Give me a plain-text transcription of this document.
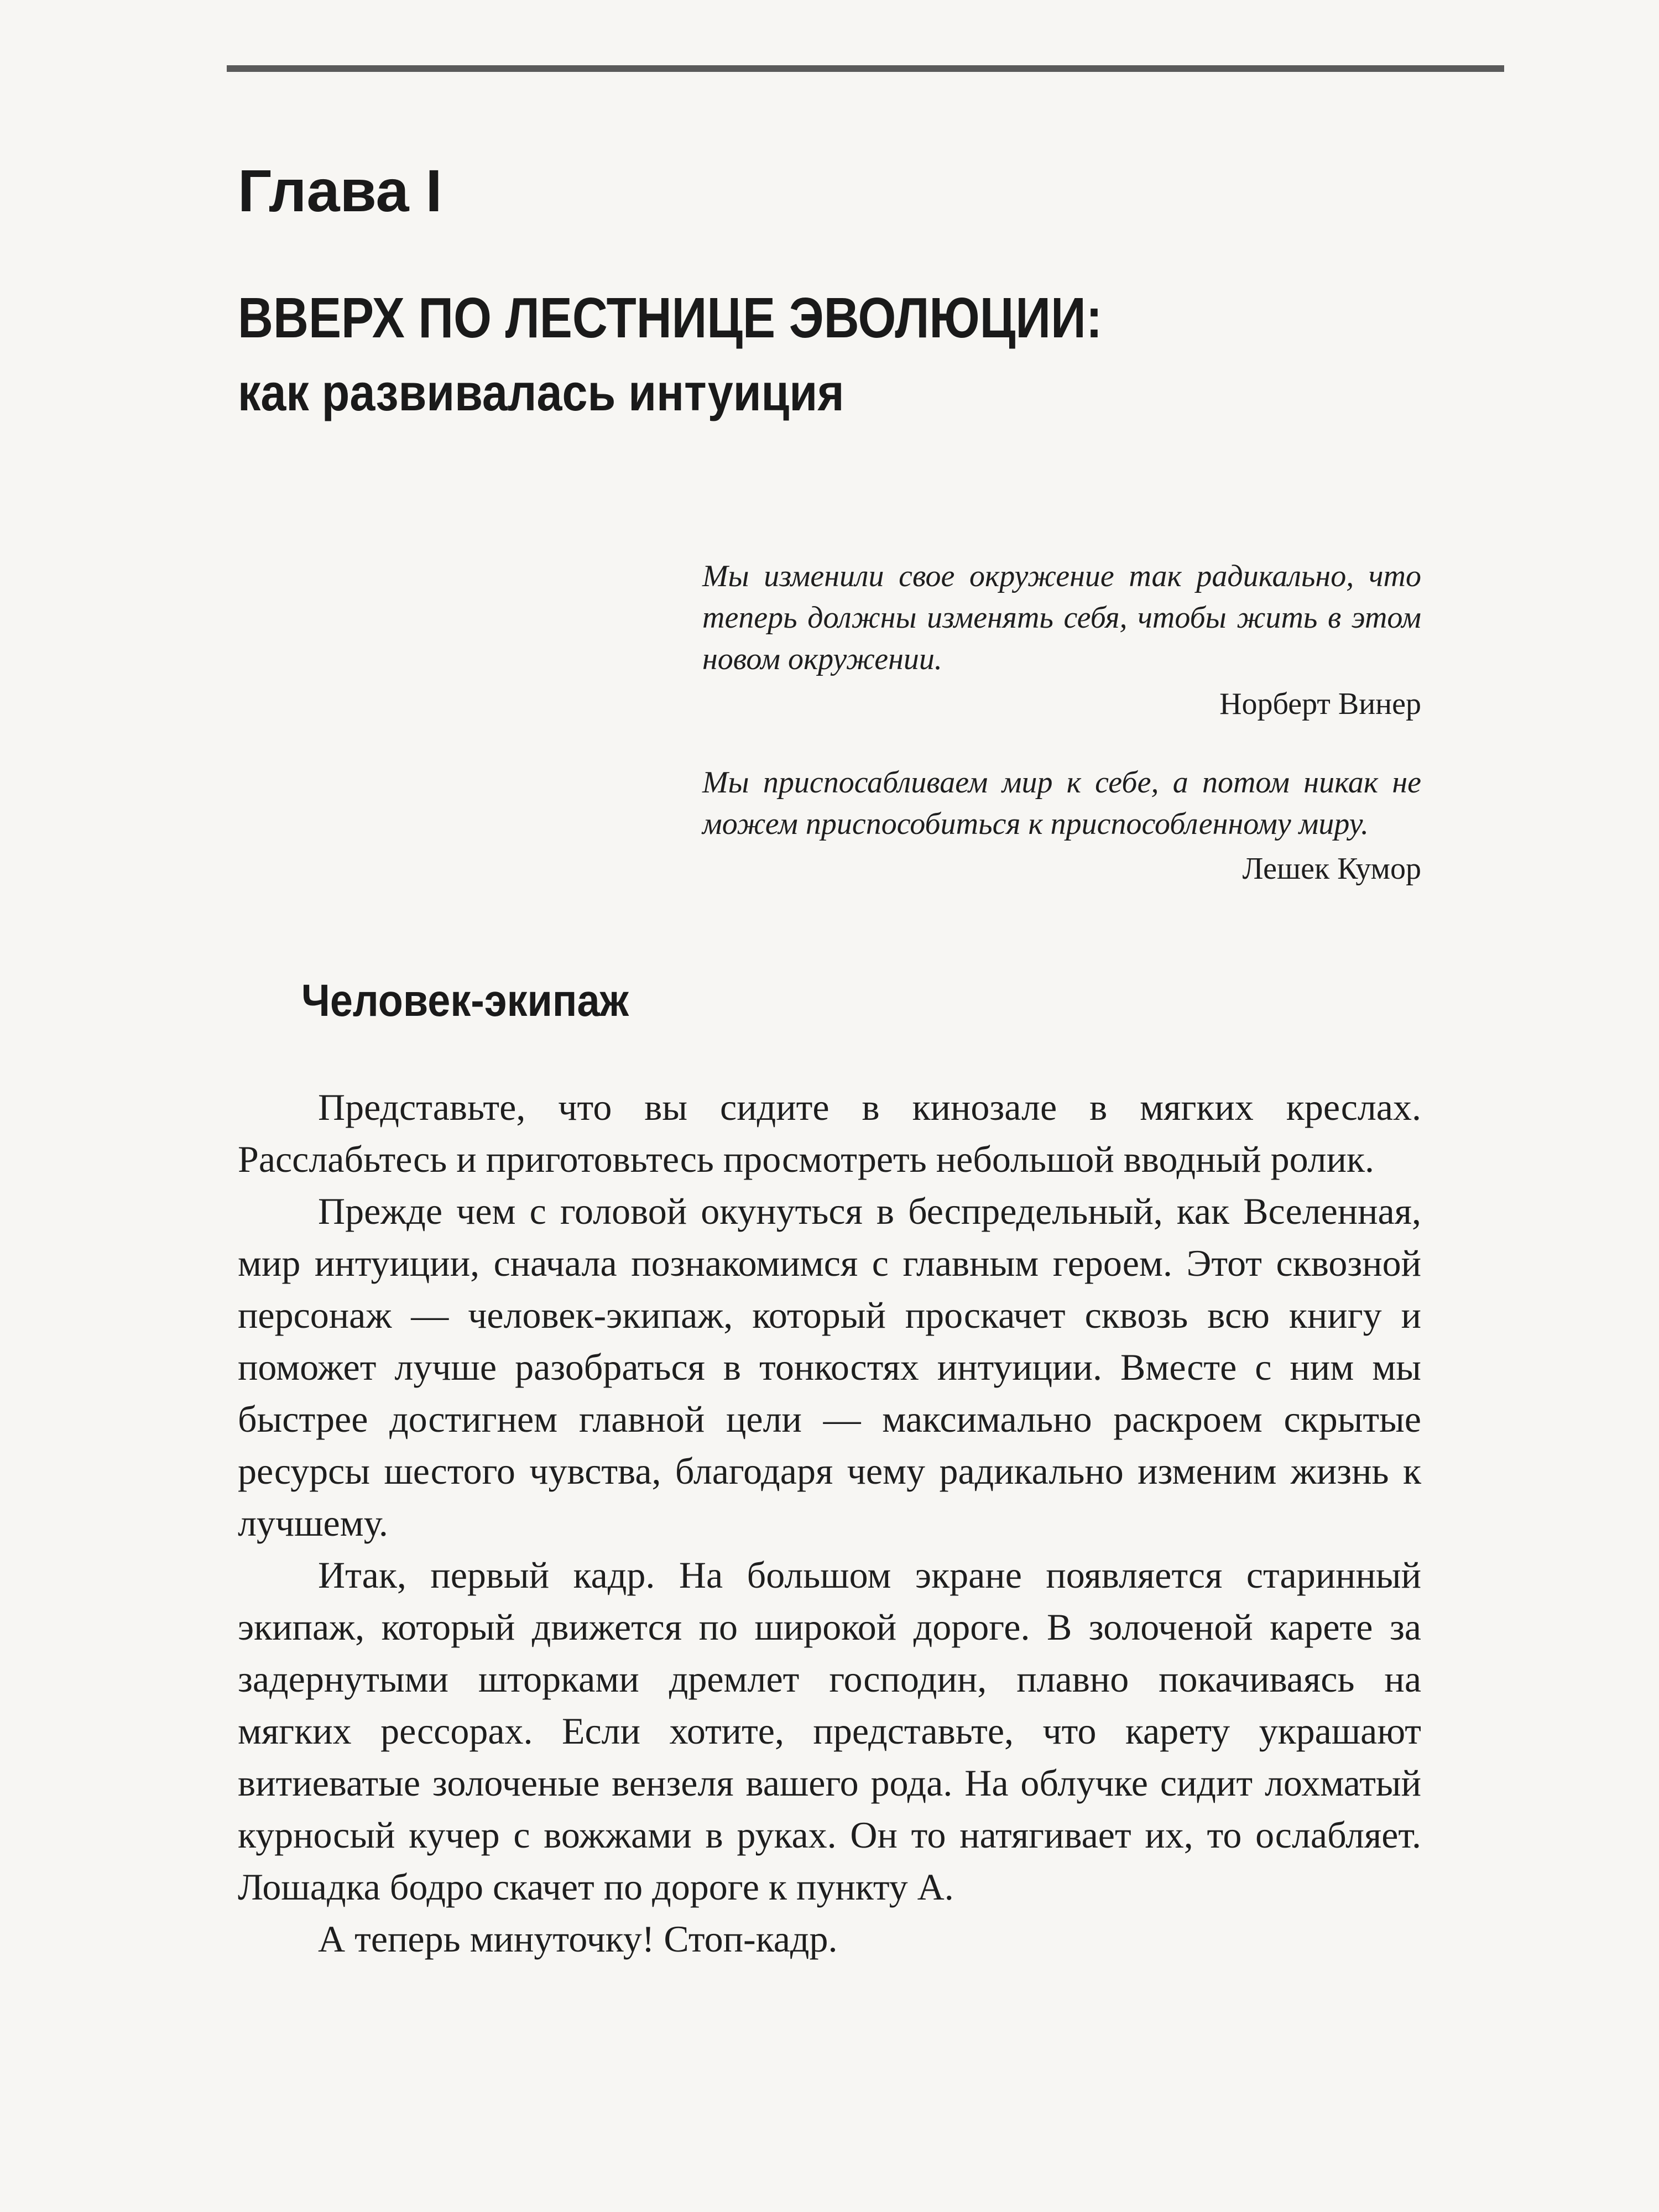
Глава I
ВВЕРХ ПО ЛЕСТНИЦЕ ЭВОЛЮЦИИ:
как развивалась интуиция
Мы изменили свое окружение так радикально, что теперь должны изменять себя, чтобы жить в этом новом окружении.
Норберт Винер
Мы приспосабливаем мир к себе, а потом никак не можем приспособиться к приспособленному миру.
Лешек Кумор
Человек-экипаж

Представьте, что вы сидите в кинозале в мягких креслах. Расслабьтесь и приготовьтесь просмотреть небольшой вводный ролик.

Прежде чем с головой окунуться в беспредельный, как Вселенная, мир интуиции, сначала познакомимся с главным героем. Этот сквозной персонаж — человек-экипаж, который проскачет сквозь всю книгу и поможет лучше разобраться в тонкостях интуиции. Вместе с ним мы быстрее достигнем главной цели — максимально раскроем скрытые ресурсы шестого чувства, благодаря чему радикально изменим жизнь к лучшему.

Итак, первый кадр. На большом экране появляется старинный экипаж, который движется по широкой дороге. В золоченой карете за задернутыми шторками дремлет господин, плавно покачиваясь на мягких рессорах. Если хотите, представьте, что карету украшают витиеватые золоченые вензеля вашего рода. На облучке сидит лохматый курносый кучер с вожжами в руках. Он то натягивает их, то ослабляет. Лошадка бодро скачет по дороге к пункту А.

А теперь минуточку! Стоп-кадр.
